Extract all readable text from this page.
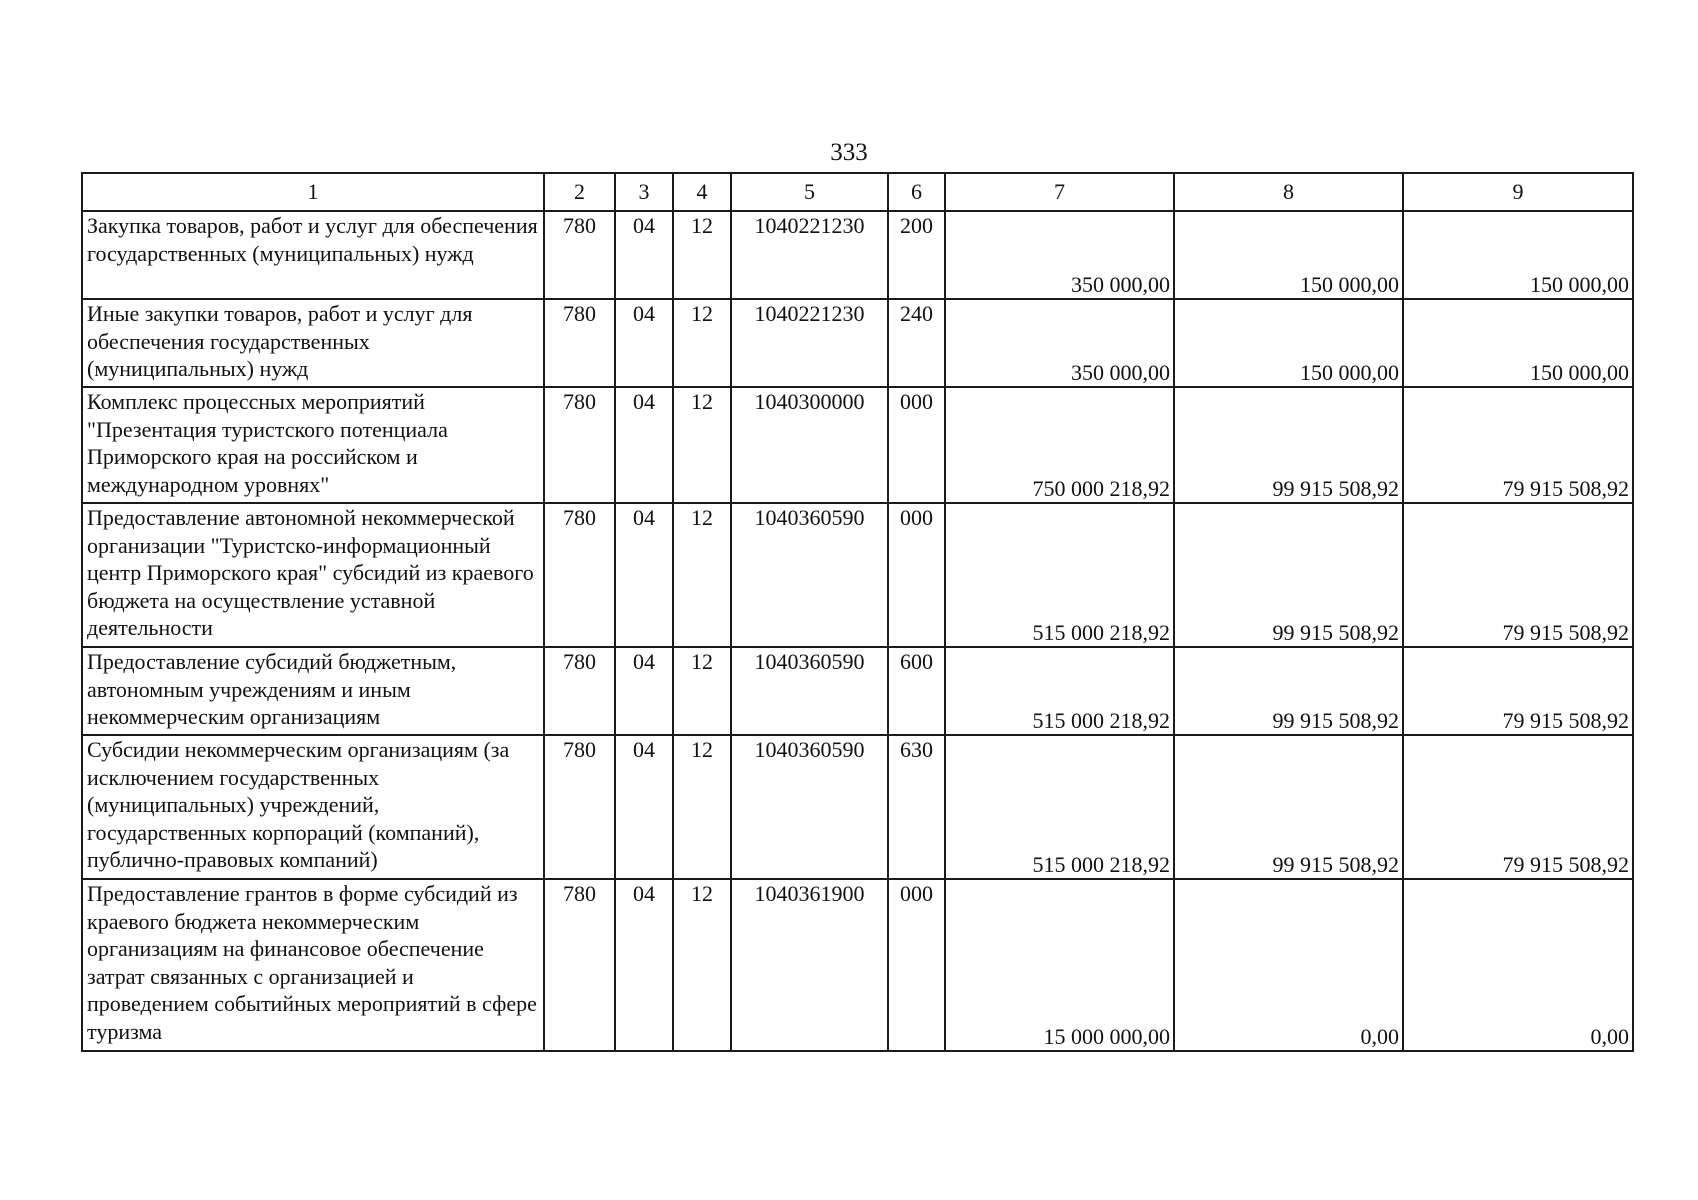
333
1	2	3	4	5	6	7	8	9
Закупка товаров, работ и услуг для обеспечения государственных (муниципальных) нужд	780	04	12	1040221230	200	350 000,00	150 000,00	150 000,00
Иные закупки товаров, работ и услуг для обеспечения государственных (муниципальных) нужд	780	04	12	1040221230	240	350 000,00	150 000,00	150 000,00
Комплекс процессных мероприятий "Презентация туристского потенциала Приморского края на российском и международном уровнях"	780	04	12	1040300000	000	750 000 218,92	99 915 508,92	79 915 508,92
Предоставление автономной некоммерческой организации "Туристско-информационный центр Приморского края" субсидий из краевого бюджета на осуществление уставной деятельности	780	04	12	1040360590	000	515 000 218,92	99 915 508,92	79 915 508,92
Предоставление субсидий бюджетным, автономным учреждениям и иным некоммерческим организациям	780	04	12	1040360590	600	515 000 218,92	99 915 508,92	79 915 508,92
Субсидии некоммерческим организациям (за исключением государственных (муниципальных) учреждений, государственных корпораций (компаний), публично-правовых компаний)	780	04	12	1040360590	630	515 000 218,92	99 915 508,92	79 915 508,92
Предоставление грантов в форме субсидий из краевого бюджета некоммерческим организациям на финансовое обеспечение затрат связанных с организацией и проведением событийных мероприятий в сфере туризма	780	04	12	1040361900	000	15 000 000,00	0,00	0,00
